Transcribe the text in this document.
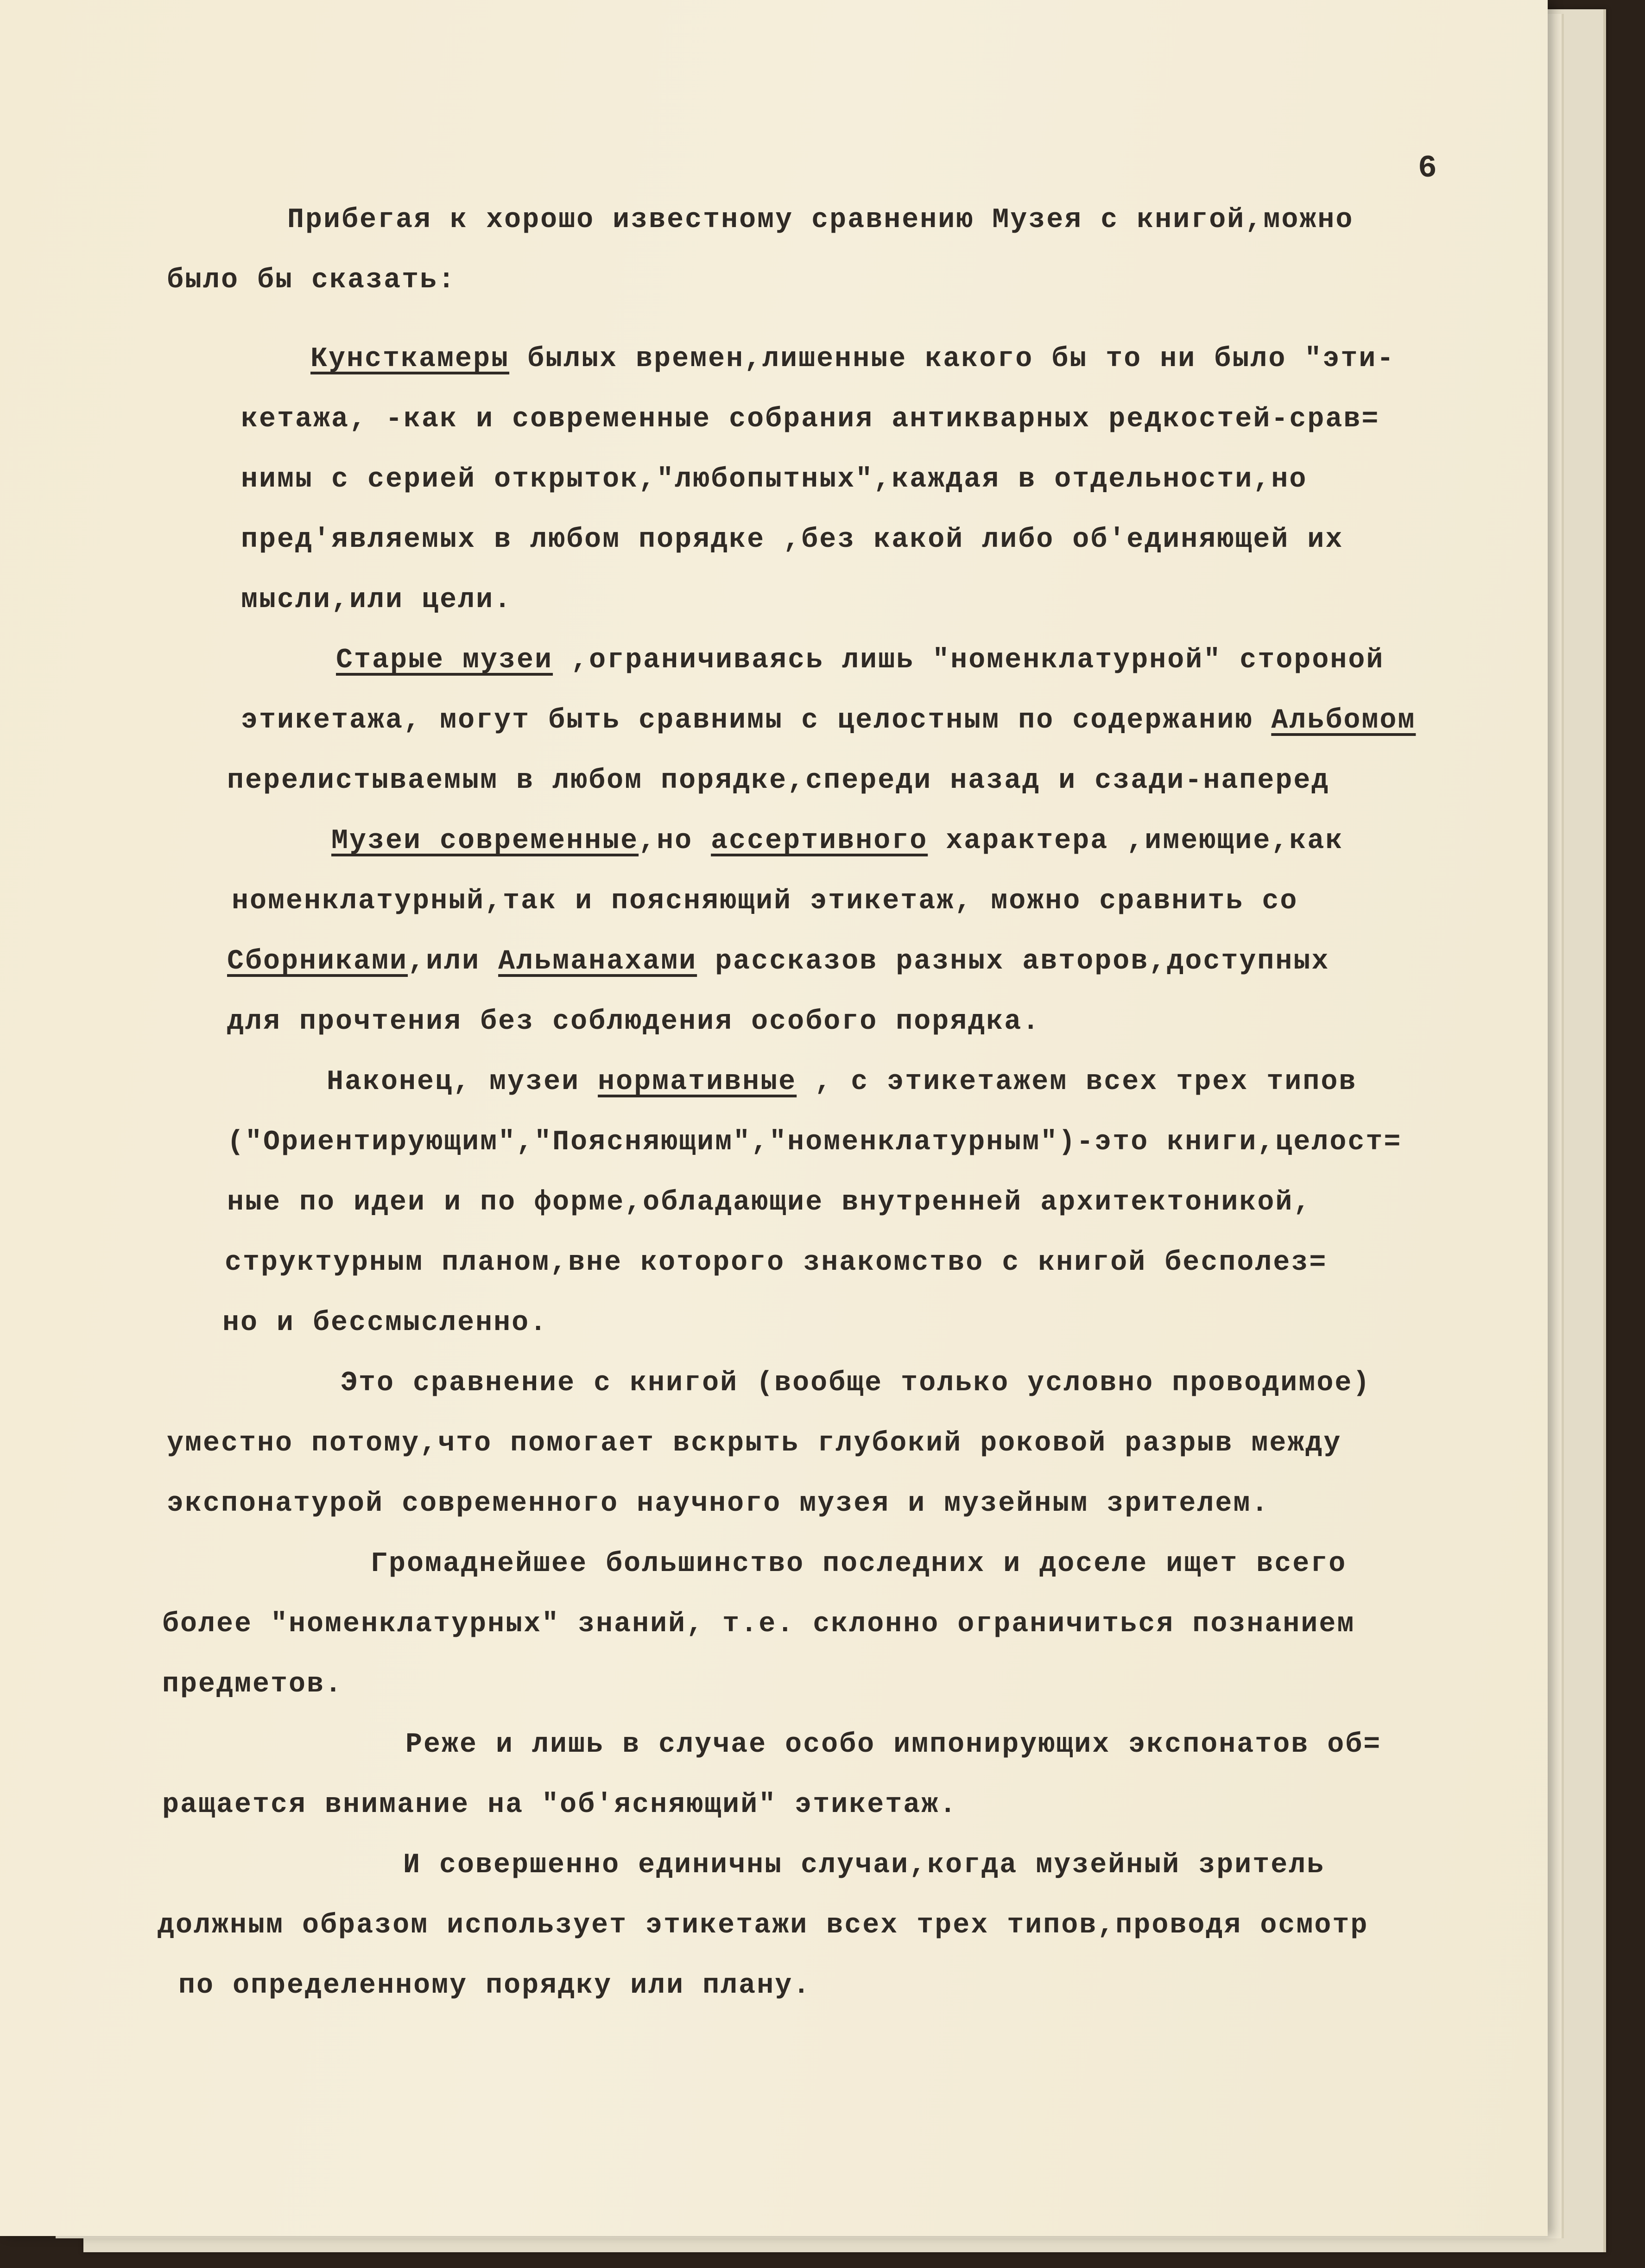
6
Прибегая к хорошо известному сравнению Музея с книгой,можно
было бы сказать:
Кунсткамеры былых времен,лишенные какого бы то ни было "эти-
кетажа, -как и современные собрания антикварных редкостей-срав=
нимы с серией открыток,"любопытных",каждая в отдельности,но
пред'являемых в любом порядке ,без какой либо об'единяющей их
мысли,или цели.
Старые музеи ,ограничиваясь лишь "номенклатурной" стороной
этикетажа, могут быть сравнимы с целостным по содержанию Альбомом
перелистываемым в любом порядке,спереди назад и сзади-наперед
Музеи современные,но ассертивного характера ,имеющие,как
номенклатурный,так и поясняющий этикетаж, можно сравнить со
Сборниками,или Альманахами рассказов разных авторов,доступных
для прочтения без соблюдения особого порядка.
Наконец, музеи нормативные , с этикетажем всех трех типов
("Ориентирующим","Поясняющим","номенклатурным")-это книги,целост=
ные по идеи и по форме,обладающие внутренней архитектоникой,
структурным планом,вне которого знакомство с книгой бесполез=
но и бессмысленно.
Это сравнение с книгой (вообще только условно проводимое)
уместно потому,что помогает вскрыть глубокий роковой разрыв между
экспонатурой современного научного музея и музейным зрителем.
Громаднейшее большинство последних и доселе ищет всего
более "номенклатурных" знаний, т.е. склонно ограничиться познанием
предметов.
Реже и лишь в случае особо импонирующих экспонатов об=
ращается внимание на "об'ясняющий" этикетаж.
И совершенно единичны случаи,когда музейный зритель
должным образом использует этикетажи всех трех типов,проводя осмотр
по определенному порядку или плану.
